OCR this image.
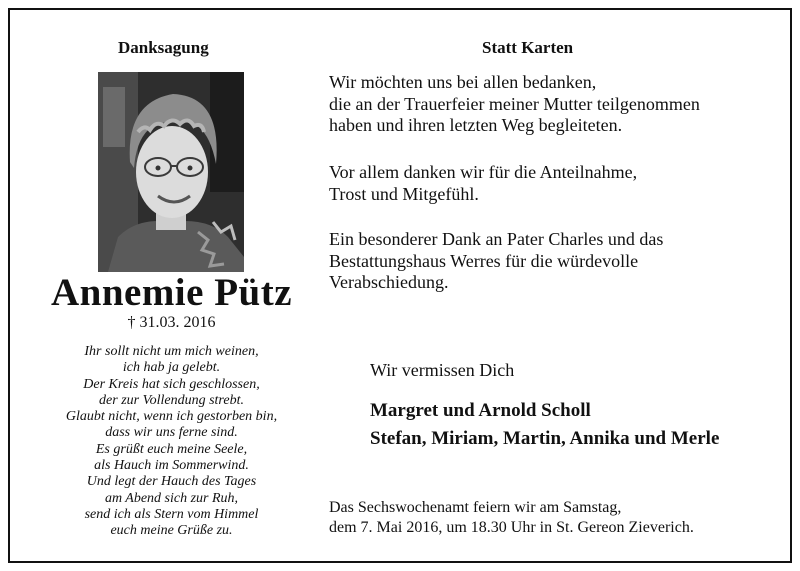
Danksagung
Annemie Pütz
† 31.03. 2016
Ihr sollt nicht um mich weinen,
ich hab ja gelebt.
Der Kreis hat sich geschlossen,
der zur Vollendung strebt.
Glaubt nicht, wenn ich gestorben bin,
dass wir uns ferne sind.
Es grüßt euch meine Seele,
als Hauch im Sommerwind.
Und legt der Hauch des Tages
am Abend sich zur Ruh,
send ich als Stern vom Himmel
euch meine Grüße zu.
Statt Karten
Wir möchten uns bei allen bedanken,
die an der Trauerfeier meiner Mutter teilgenommen
haben und ihren letzten Weg begleiteten.
Vor allem danken wir für die Anteilnahme,
Trost und Mitgefühl.
Ein besonderer Dank an Pater Charles und das
Bestattungshaus Werres für die würdevolle
Verabschiedung.
Wir vermissen Dich
Margret und Arnold Scholl
Stefan, Miriam, Martin, Annika und Merle
Das Sechswochenamt feiern wir am Samstag,
dem 7. Mai 2016, um 18.30 Uhr in St. Gereon Zieverich.
